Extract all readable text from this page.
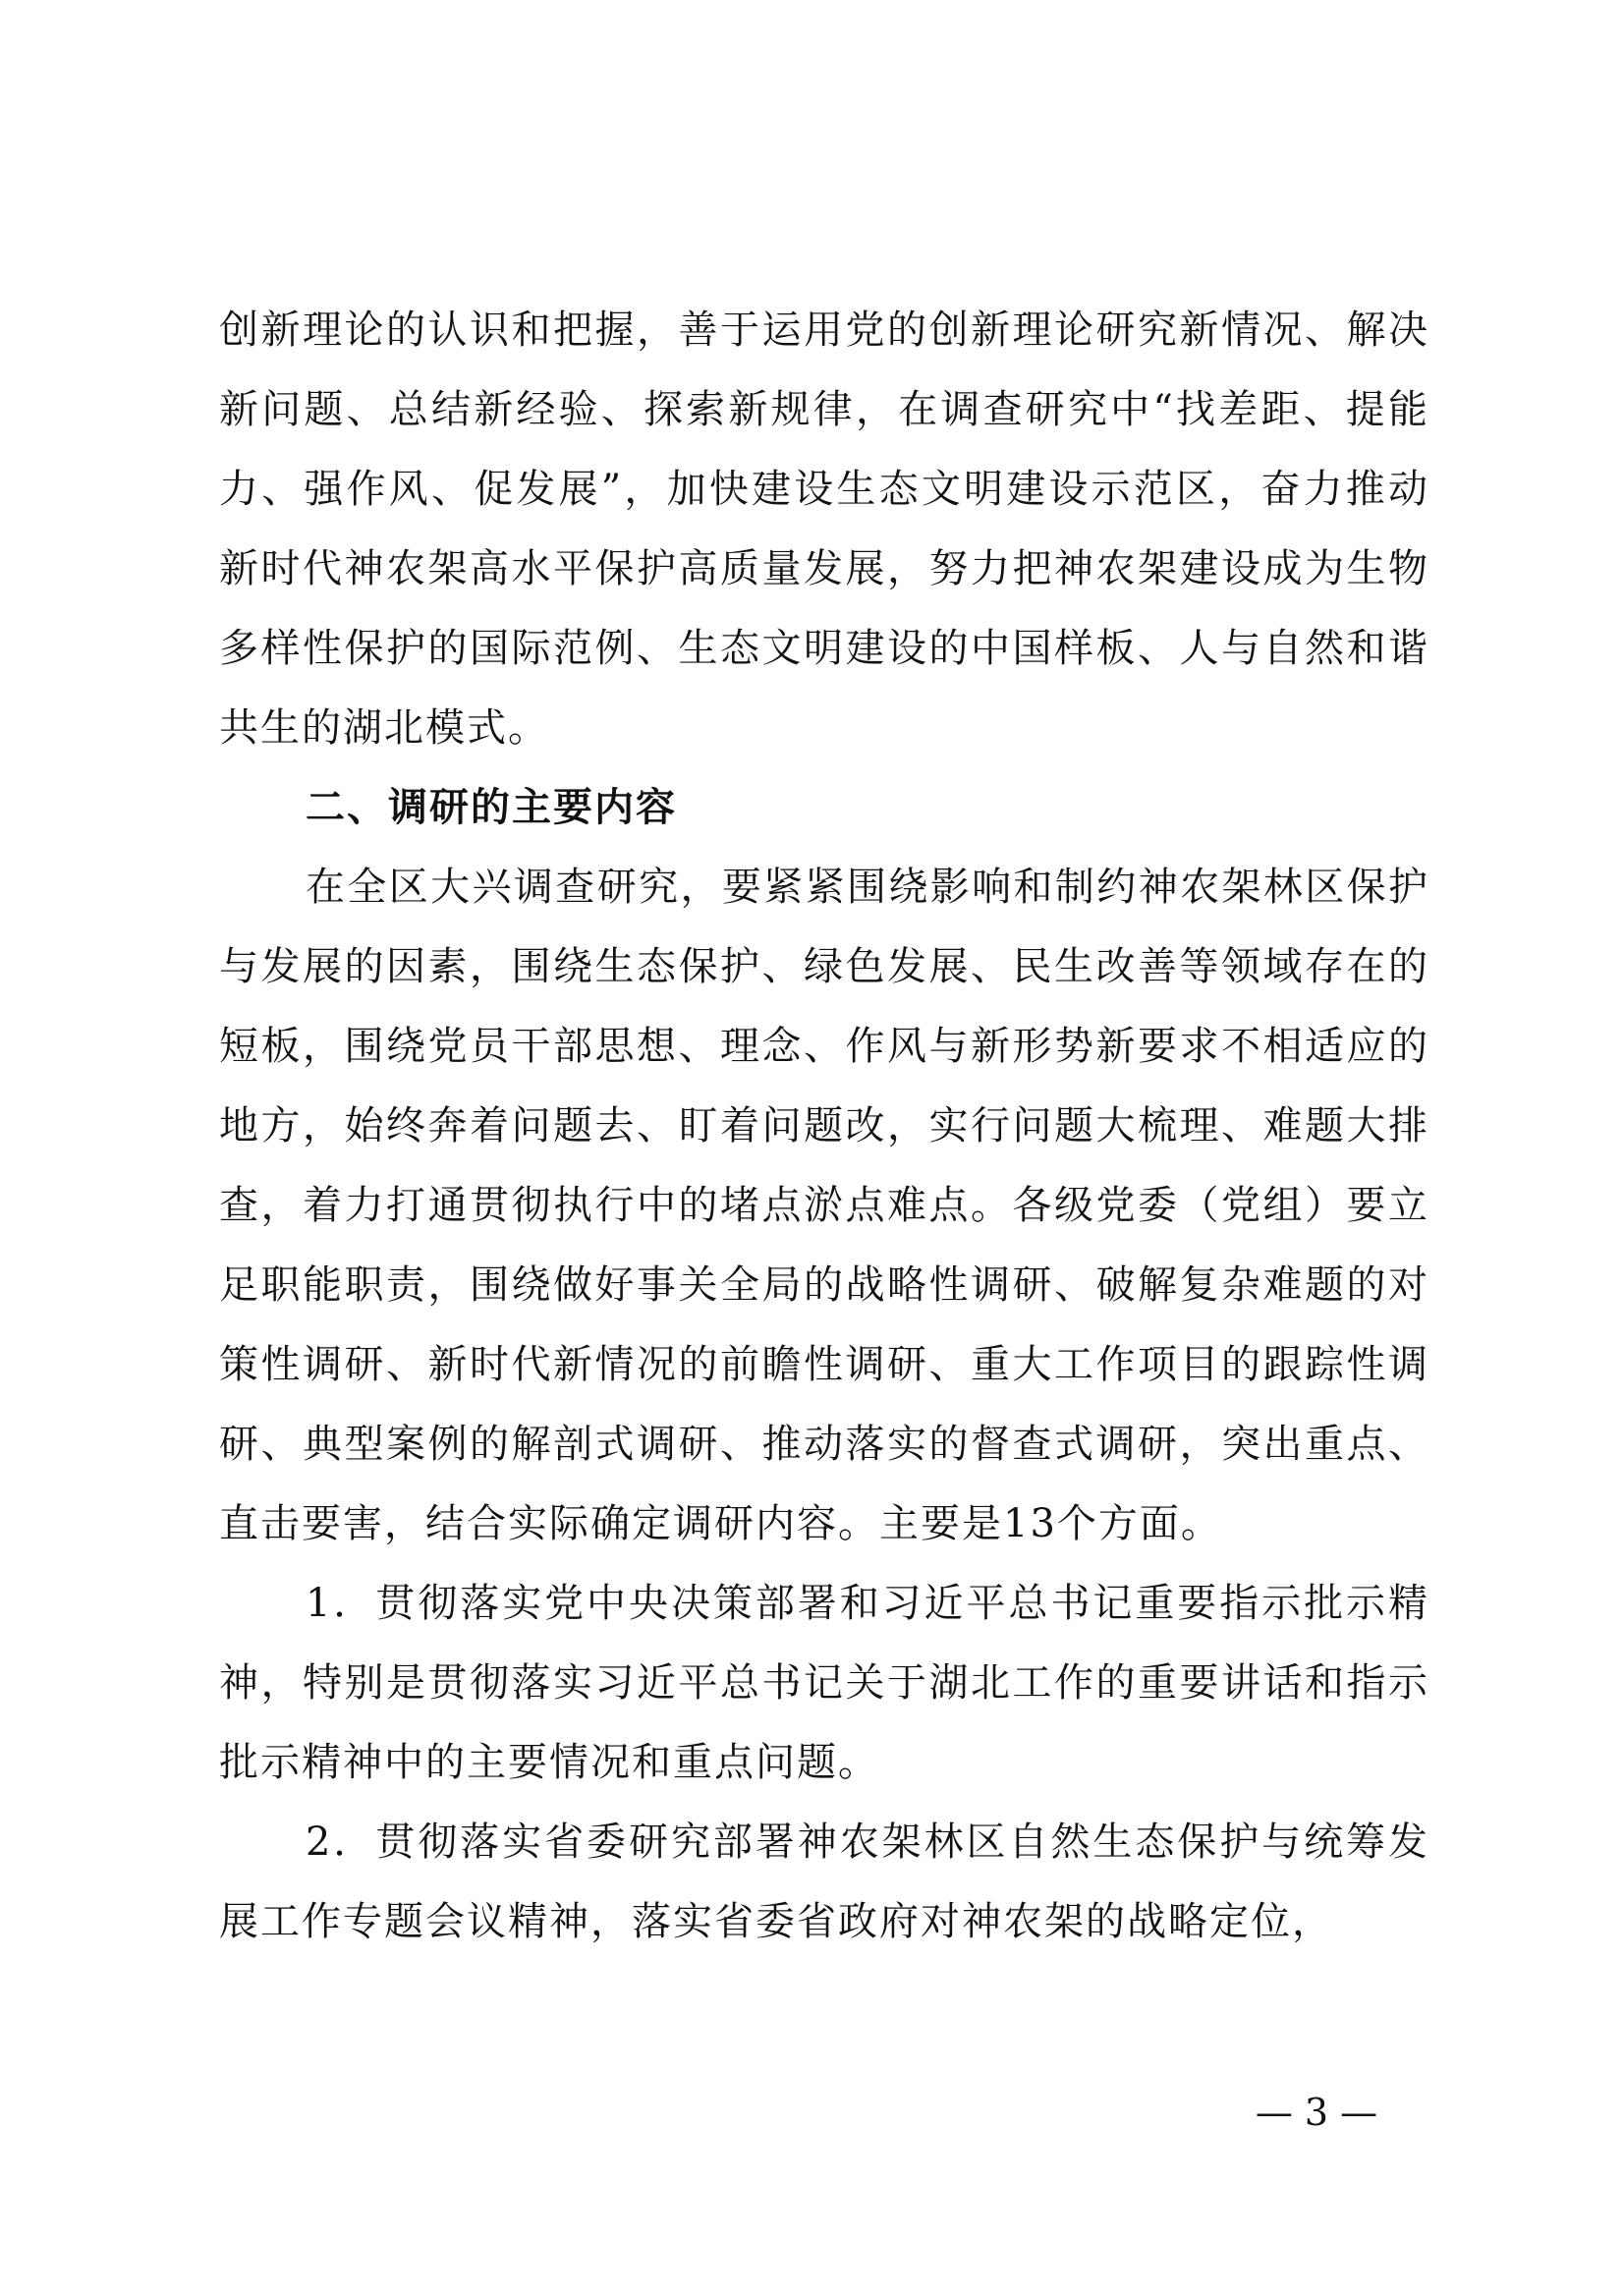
创新理论的认识和把握，善于运用党的创新理论研究新情况、解决新问题、总结新经验、探索新规律，在调查研究中“找差距、提能力、强作风、促发展”，加快建设生态文明建设示范区，奋力推动新时代神农架高水平保护高质量发展，努力把神农架建设成为生物多样性保护的国际范例、生态文明建设的中国样板、人与自然和谐共生的湖北模式。

二、调研的主要内容

在全区大兴调查研究，要紧紧围绕影响和制约神农架林区保护与发展的因素，围绕生态保护、绿色发展、民生改善等领域存在的短板，围绕党员干部思想、理念、作风与新形势新要求不相适应的地方，始终奔着问题去、盯着问题改，实行问题大梳理、难题大排查，着力打通贯彻执行中的堵点淤点难点。各级党委（党组）要立足职能职责，围绕做好事关全局的战略性调研、破解复杂难题的对策性调研、新时代新情况的前瞻性调研、重大工作项目的跟踪性调研、典型案例的解剖式调研、推动落实的督查式调研，突出重点、直击要害，结合实际确定调研内容。主要是13个方面。

1．贯彻落实党中央决策部署和习近平总书记重要指示批示精神，特别是贯彻落实习近平总书记关于湖北工作的重要讲话和指示批示精神中的主要情况和重点问题。

2．贯彻落实省委研究部署神农架林区自然生态保护与统筹发展工作专题会议精神，落实省委省政府对神农架的战略定位，

— 3 —
